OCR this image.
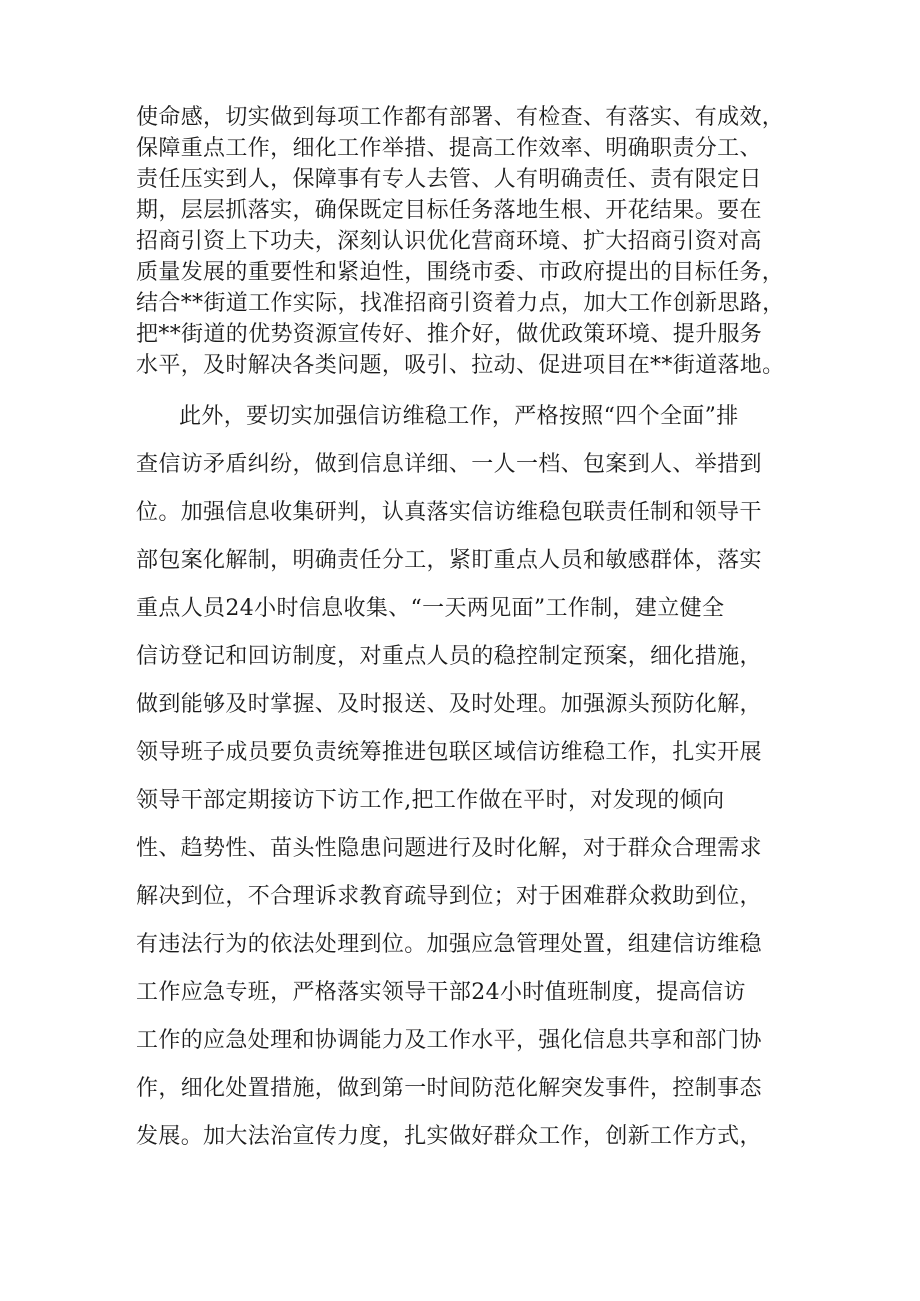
使命感，切实做到每项工作都有部署、有检查、有落实、有成效，
保障重点工作，细化工作举措、提高工作效率、明确职责分工、
责任压实到人，保障事有专人去管、人有明确责任、责有限定日
期，层层抓落实，确保既定目标任务落地生根、开花结果。要在
招商引资上下功夫，深刻认识优化营商环境、扩大招商引资对高
质量发展的重要性和紧迫性，围绕市委、市政府提出的目标任务，
结合**街道工作实际，找准招商引资着力点，加大工作创新思路，
把**街道的优势资源宣传好、推介好，做优政策环境、提升服务
水平，及时解决各类问题，吸引、拉动、促进项目在**街道落地。
此外，要切实加强信访维稳工作，严格按照“四个全面”排
查信访矛盾纠纷，做到信息详细、一人一档、包案到人、举措到
位。加强信息收集研判，认真落实信访维稳包联责任制和领导干
部包案化解制，明确责任分工，紧盯重点人员和敏感群体，落实
重点人员24小时信息收集、“一天两见面”工作制，建立健全
信访登记和回访制度，对重点人员的稳控制定预案，细化措施，
做到能够及时掌握、及时报送、及时处理。加强源头预防化解，
领导班子成员要负责统筹推进包联区域信访维稳工作，扎实开展
领导干部定期接访下访工作,把工作做在平时，对发现的倾向
性、趋势性、苗头性隐患问题进行及时化解，对于群众合理需求
解决到位，不合理诉求教育疏导到位；对于困难群众救助到位，
有违法行为的依法处理到位。加强应急管理处置，组建信访维稳
工作应急专班，严格落实领导干部24小时值班制度，提高信访
工作的应急处理和协调能力及工作水平，强化信息共享和部门协
作，细化处置措施，做到第一时间防范化解突发事件，控制事态
发展。加大法治宣传力度，扎实做好群众工作，创新工作方式，
